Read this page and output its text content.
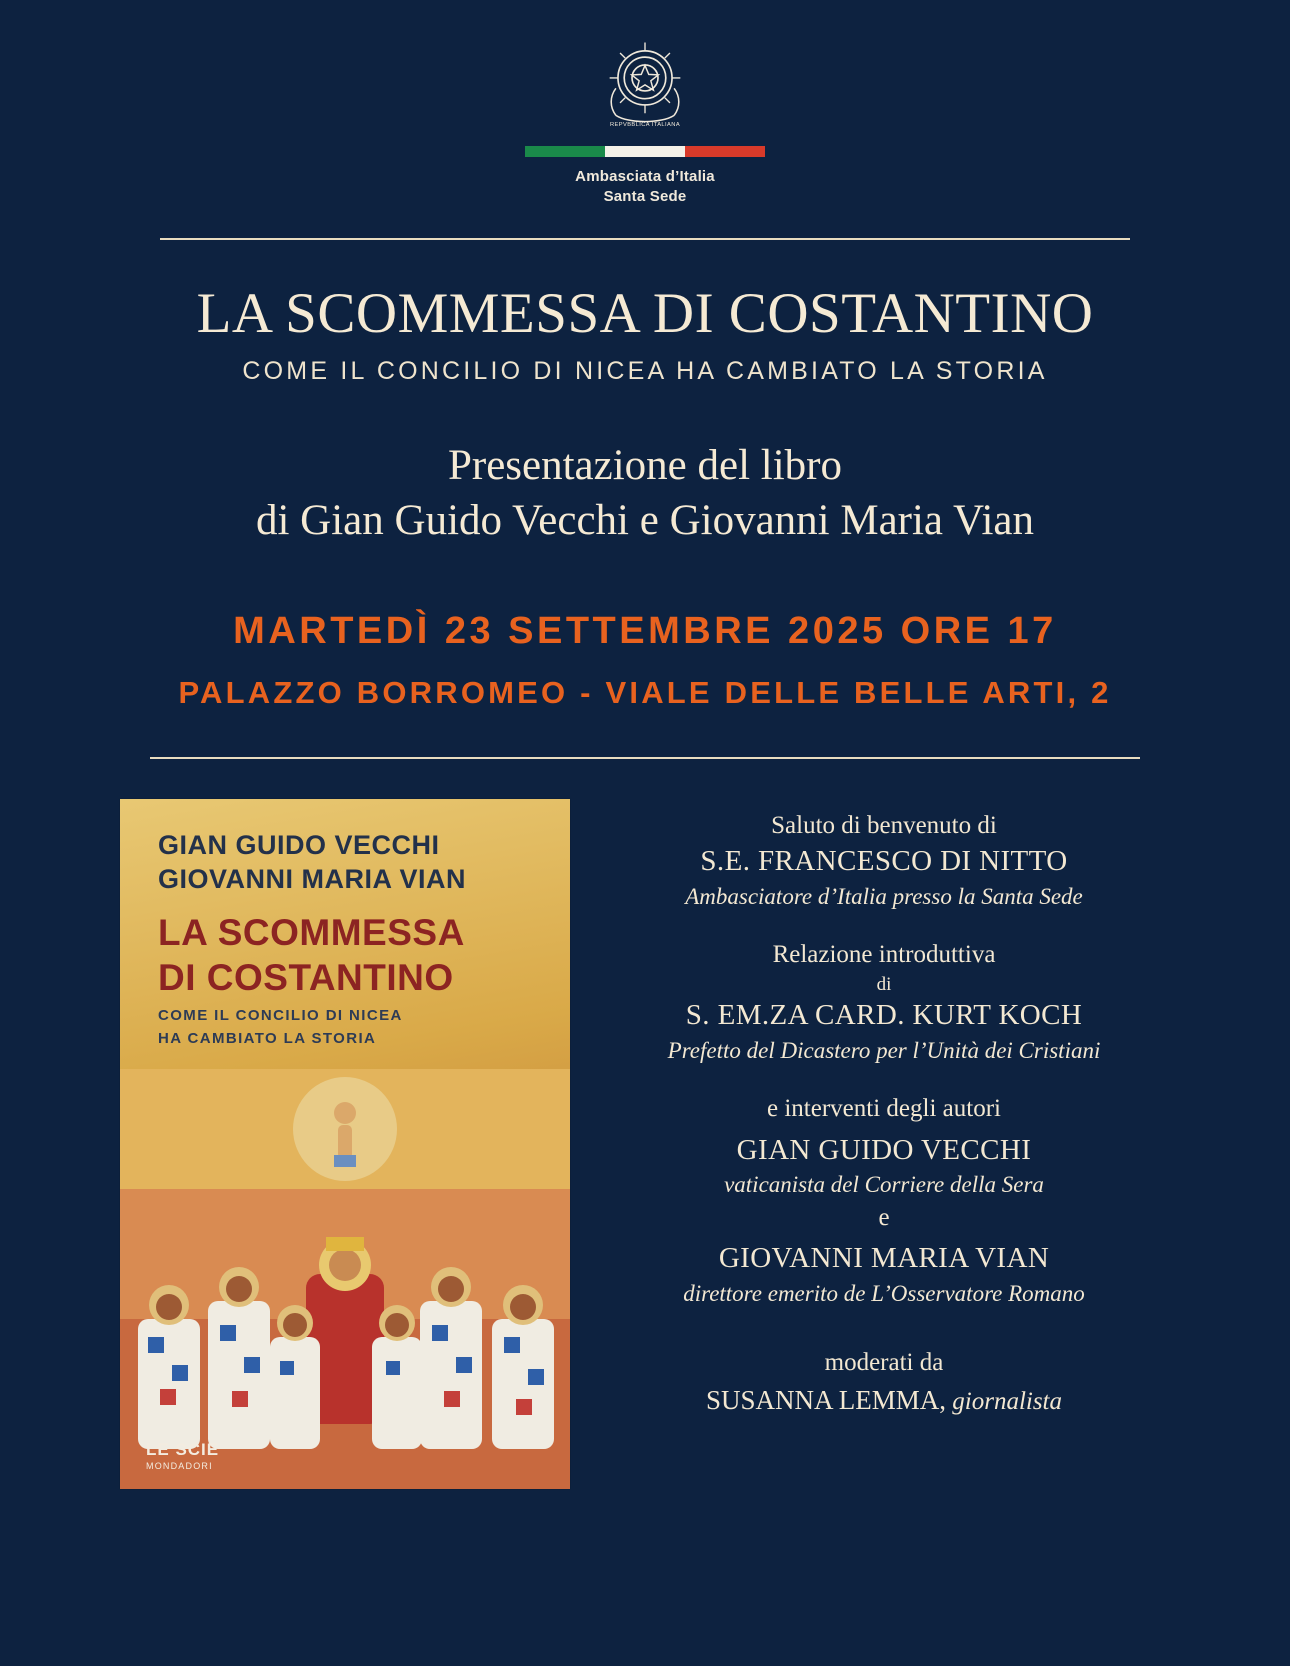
REPVBBLICA ITALIANA
Ambasciata d’Italia
Santa Sede
LA SCOMMESSA DI COSTANTINO
COME IL CONCILIO DI NICEA HA CAMBIATO LA STORIA
Presentazione del libro
di Gian Guido Vecchi e Giovanni Maria Vian
MARTEDÌ 23 SETTEMBRE 2025 ORE 17
PALAZZO BORROMEO - VIALE DELLE BELLE ARTI, 2
GIAN GUIDO VECCHI
GIOVANNI MARIA VIAN
LA SCOMMESSA
DI COSTANTINO
COME IL CONCILIO DI NICEA
HA CAMBIATO LA STORIA
LE SCIE
MONDADORI
Saluto di benvenuto di
S.E. FRANCESCO DI NITTO
Ambasciatore d’Italia presso la Santa Sede
Relazione introduttiva
di
S. EM.ZA CARD. KURT KOCH
Prefetto del Dicastero per l’Unità dei Cristiani
e interventi degli autori
GIAN GUIDO VECCHI
vaticanista del Corriere della Sera
e
GIOVANNI MARIA VIAN
direttore emerito de L’Osservatore Romano
moderati da
SUSANNA LEMMA, giornalista
